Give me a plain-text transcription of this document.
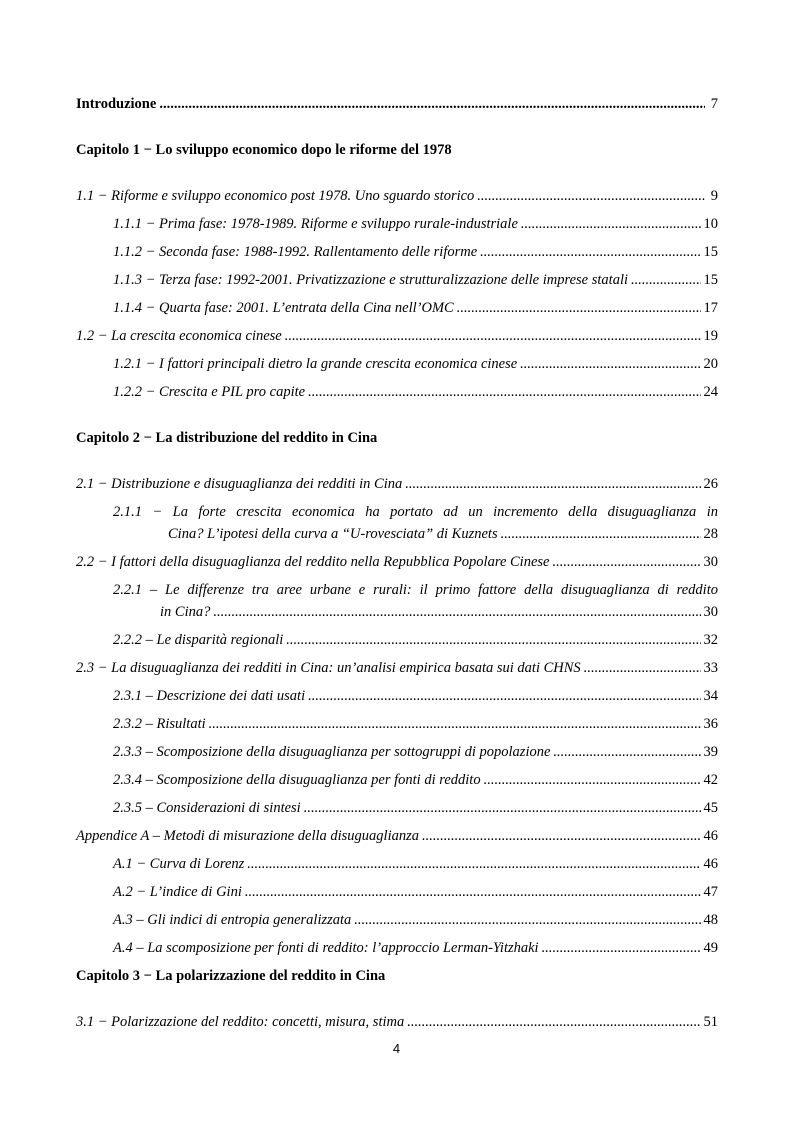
Introduzione .....	7
Capitolo 1 − Lo sviluppo economico dopo le riforme del 1978
1.1 − Riforme e sviluppo economico post 1978. Uno sguardo storico .....	9
1.1.1 − Prima fase: 1978-1989. Riforme e sviluppo rurale-industriale .....	10
1.1.2 − Seconda fase: 1988-1992. Rallentamento delle riforme .....	15
1.1.3 − Terza fase: 1992-2001. Privatizzazione e strutturalizzazione delle imprese statali .....	15
1.1.4 − Quarta fase: 2001. L’entrata della Cina nell’OMC .....	17
1.2 − La crescita economica cinese .....	19
1.2.1 − I fattori principali dietro la grande crescita economica cinese .....	20
1.2.2 − Crescita e PIL pro capite .....	24
Capitolo 2 − La distribuzione del reddito in Cina
2.1 − Distribuzione e disuguaglianza dei redditi in Cina .....	26
2.1.1 − La forte crescita economica ha portato ad un incremento della disuguaglianza in
Cina? L’ipotesi della curva a “U-rovesciata” di Kuznets .....	28
2.2 − I fattori della disuguaglianza del reddito nella Repubblica Popolare Cinese .....	30
2.2.1 – Le differenze tra aree urbane e rurali: il primo fattore della disuguaglianza di reddito
in Cina? .....	30
2.2.2 – Le disparità regionali .....	32
2.3 − La disuguaglianza dei redditi in Cina: un’analisi empirica basata sui dati CHNS .....	33
2.3.1 – Descrizione dei dati usati .....	34
2.3.2 – Risultati .....	36
2.3.3 – Scomposizione della disuguaglianza per sottogruppi di popolazione .....	39
2.3.4 – Scomposizione della disuguaglianza per fonti di reddito .....	42
2.3.5 – Considerazioni di sintesi .....	45
Appendice A – Metodi di misurazione della disuguaglianza .....	46
A.1 − Curva di Lorenz .....	46
A.2 − L’indice di Gini .....	47
A.3 – Gli indici di entropia generalizzata .....	48
A.4 – La scomposizione per fonti di reddito: l’approccio Lerman-Yitzhaki .....	49
Capitolo 3 − La polarizzazione del reddito in Cina
3.1 − Polarizzazione del reddito: concetti, misura, stima .....	51
4
